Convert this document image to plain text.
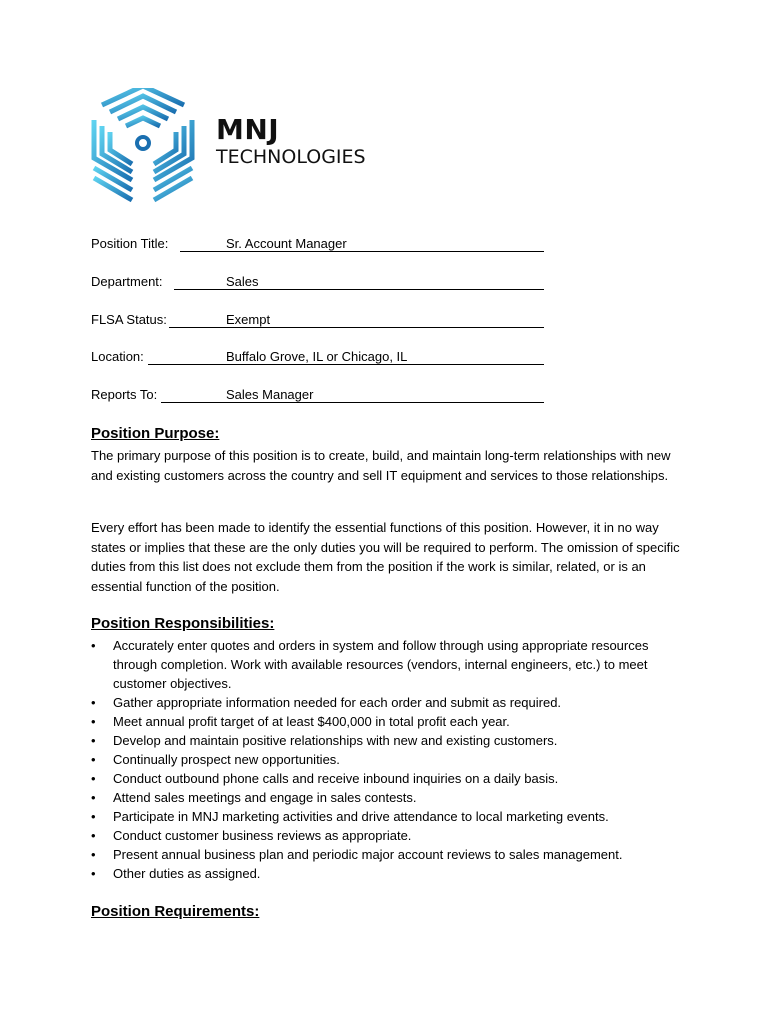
MNJ
TECHNOLOGIES
Position Title:	Sr. Account Manager
Department:	Sales
FLSA Status:	Exempt
Location:	Buffalo Grove, IL or Chicago, IL
Reports To:	Sales Manager
Position Purpose:

The primary purpose of this position is to create, build, and maintain long-term relationships with new and existing customers across the country and sell IT equipment and services to those relationships.

Every effort has been made to identify the essential functions of this position. However, it in no way states or implies that these are the only duties you will be required to perform. The omission of specific duties from this list does not exclude them from the position if the work is similar, related, or is an essential function of the position.

Position Responsibilities:
• Accurately enter quotes and orders in system and follow through using appropriate resources through completion. Work with available resources (vendors, internal engineers, etc.) to meet customer objectives.
• Gather appropriate information needed for each order and submit as required.
• Meet annual profit target of at least $400,000 in total profit each year.
• Develop and maintain positive relationships with new and existing customers.
• Continually prospect new opportunities.
• Conduct outbound phone calls and receive inbound inquiries on a daily basis.
• Attend sales meetings and engage in sales contests.
• Participate in MNJ marketing activities and drive attendance to local marketing events.
• Conduct customer business reviews as appropriate.
• Present annual business plan and periodic major account reviews to sales management.
• Other duties as assigned.
Position Requirements:
